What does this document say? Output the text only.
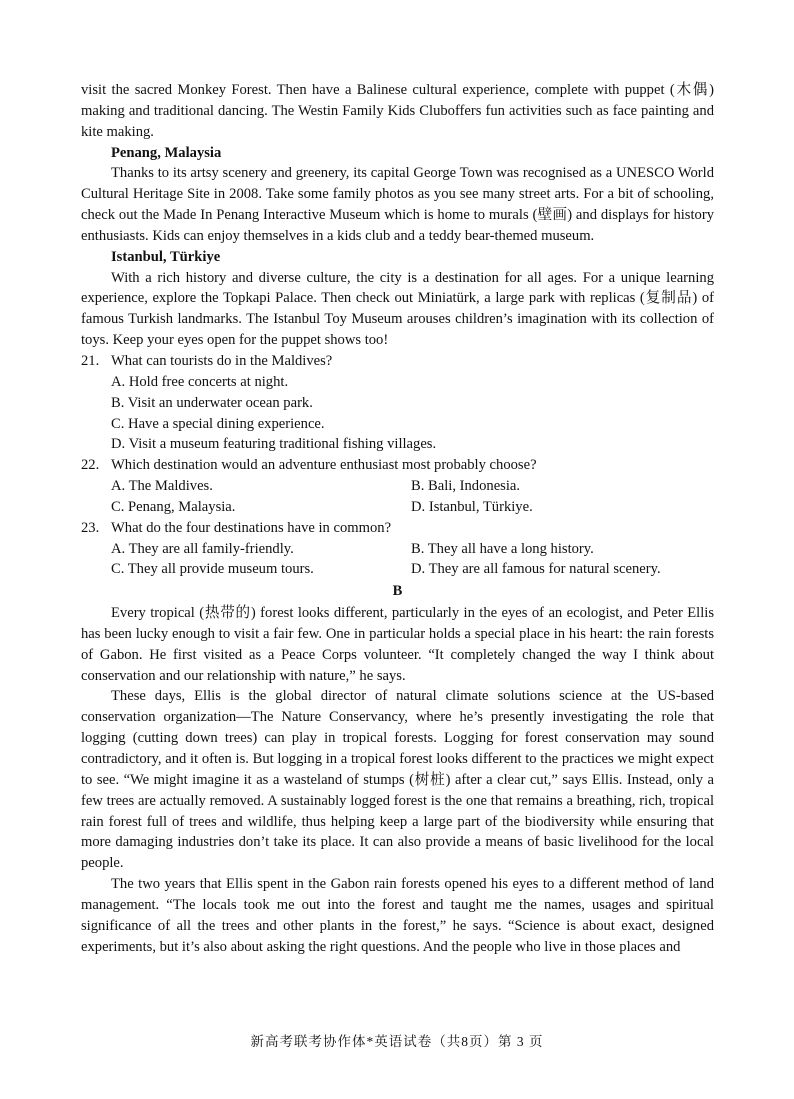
visit the sacred Monkey Forest. Then have a Balinese cultural experience, complete with puppet (木偶) making and traditional dancing. The Westin Family Kids Cluboffers fun activities such as face painting and kite making.

Penang, Malaysia

Thanks to its artsy scenery and greenery, its capital George Town was recognised as a UNESCO World Cultural Heritage Site in 2008. Take some family photos as you see many street arts. For a bit of schooling, check out the Made In Penang Interactive Museum which is home to murals (壁画) and displays for history enthusiasts. Kids can enjoy themselves in a kids club and a teddy bear-themed museum.

Istanbul, Türkiye

With a rich history and diverse culture, the city is a destination for all ages. For a unique learning experience, explore the Topkapi Palace. Then check out Miniatürk, a large park with replicas (复制品) of famous Turkish landmarks. The Istanbul Toy Museum arouses children’s imagination with its collection of toys. Keep your eyes open for the puppet shows too!

21. What can tourists do in the Maldives?
A. Hold free concerts at night.
B. Visit an underwater ocean park.
C. Have a special dining experience.
D. Visit a museum featuring traditional fishing villages.
22. Which destination would an adventure enthusiast most probably choose?
A. The Maldives.	B. Bali, Indonesia.
C. Penang, Malaysia.	D. Istanbul, Türkiye.
23. What do the four destinations have in common?
A. They are all family-friendly.	B. They all have a long history.
C. They all provide museum tours.	D. They are all famous for natural scenery.
B

Every tropical (热带的) forest looks different, particularly in the eyes of an ecologist, and Peter Ellis has been lucky enough to visit a fair few. One in particular holds a special place in his heart: the rain forests of Gabon. He first visited as a Peace Corps volunteer. “It completely changed the way I think about conservation and our relationship with nature,” he says.

These days, Ellis is the global director of natural climate solutions science at the US-based conservation organization—The Nature Conservancy, where he’s presently investigating the role that logging (cutting down trees) can play in tropical forests. Logging for forest conservation may sound contradictory, and it often is. But logging in a tropical forest looks different to the practices we might expect to see. “We might imagine it as a wasteland of stumps (树桩) after a clear cut,” says Ellis. Instead, only a few trees are actually removed. A sustainably logged forest is the one that remains a breathing, rich, tropical rain forest full of trees and wildlife, thus helping keep a large part of the biodiversity while ensuring that more damaging industries don’t take its place. It can also provide a means of basic livelihood for the local people.

The two years that Ellis spent in the Gabon rain forests opened his eyes to a different method of land management. “The locals took me out into the forest and taught me the names, usages and spiritual significance of all the trees and other plants in the forest,” he says. “Science is about exact, designed experiments, but it’s also about asking the right questions. And the people who live in those places and

新高考联考协作体*英语试卷（共8页）第 3 页
